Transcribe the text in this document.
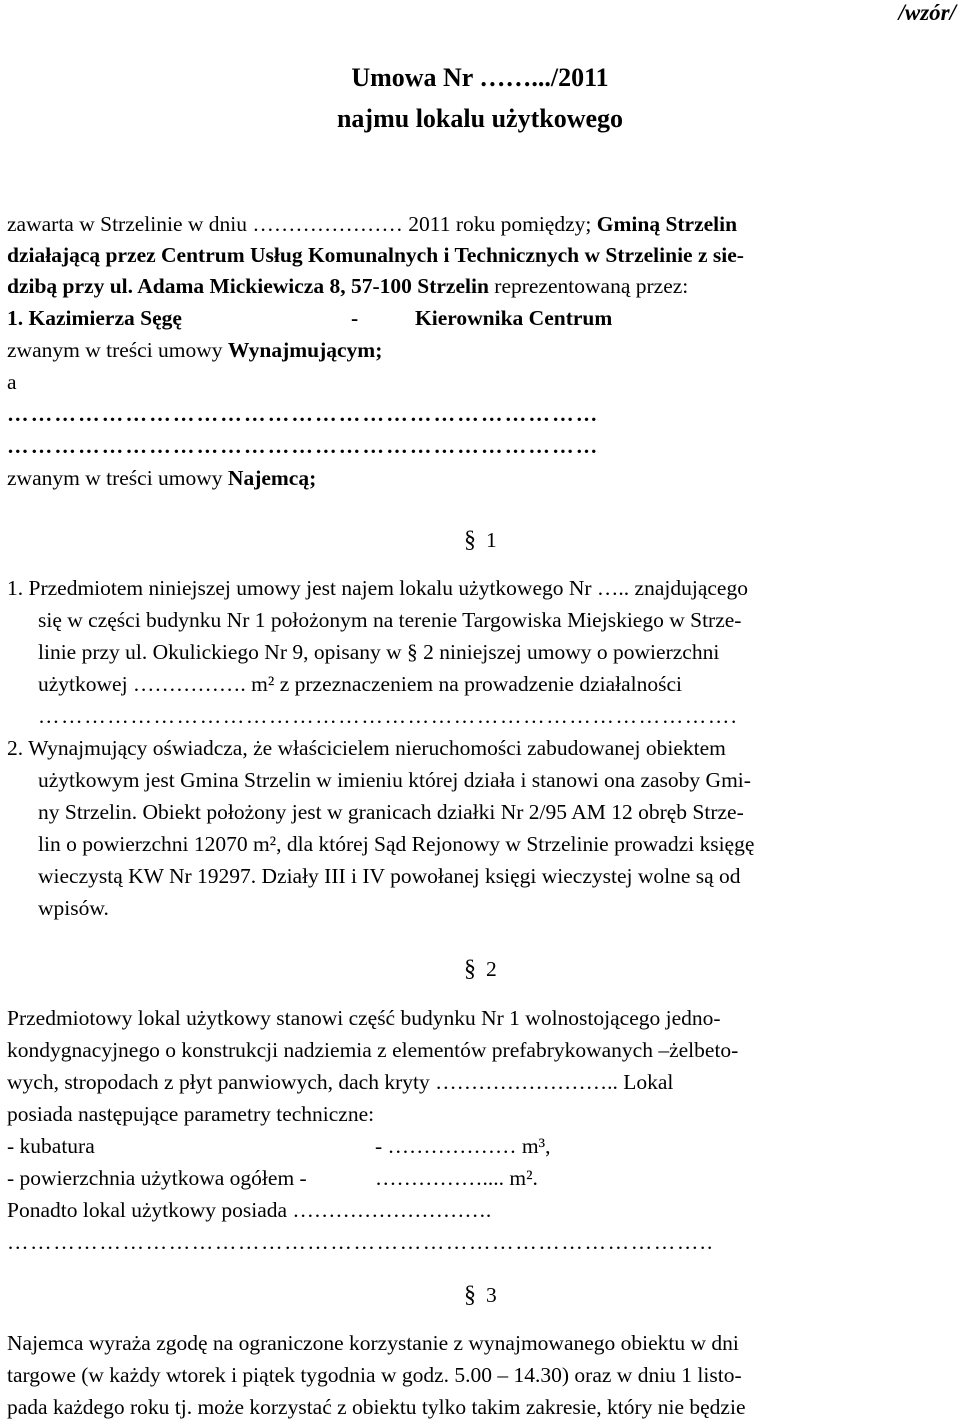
/wzór/
Umowa Nr …….../2011
najmu lokalu użytkowego
zawarta w Strzelinie w dniu ………………… 2011 roku pomiędzy; Gminą Strzelin
działającą przez Centrum Usług Komunalnych i Technicznych w Strzelinie z sie-
dzibą przy ul. Adama Mickiewicza 8, 57-100 Strzelin reprezentowaną przez:
1. Kazimierza Sęgę	-	Kierownika Centrum
zwanym w treści umowy Wynajmującym;
a
…………………………………………………………………
…………………………………………………………………
zwanym w treści umowy Najemcą;
§ 1
1. Przedmiotem niniejszej umowy jest najem lokalu użytkowego Nr ….. znajdującego
się w części budynku Nr 1 położonym na terenie Targowiska Miejskiego w Strze-
linie przy ul. Okulickiego Nr 9, opisany w § 2 niniejszej umowy o powierzchni
użytkowej ……………. m² z przeznaczeniem na prowadzenie działalności
……………………………………………………………………………….
2. Wynajmujący oświadcza, że właścicielem nieruchomości zabudowanej obiektem
użytkowym jest Gmina Strzelin w imieniu której działa i stanowi ona zasoby Gmi-
ny Strzelin. Obiekt położony jest w granicach działki Nr 2/95 AM 12 obręb Strze-
lin o powierzchni 12070 m², dla której Sąd Rejonowy w Strzelinie prowadzi księgę
wieczystą KW Nr 19297. Działy III i IV powołanej księgi wieczystej wolne są od
wpisów.
§ 2
Przedmiotowy lokal użytkowy stanowi część budynku Nr 1 wolnostojącego jedno-
kondygnacyjnego o konstrukcji nadziemia z elementów prefabrykowanych –żelbeto-
wych, stropodach z płyt panwiowych, dach kryty …………………….. Lokal
posiada następujące parametry techniczne:
- kubatura	- ……………… m³,
- powierzchnia użytkowa ogółem -	…………….... m².
Ponadto lokal użytkowy posiada ……………………….
………………………………………………………………………………..
§ 3
Najemca wyraża zgodę na ograniczone korzystanie z wynajmowanego obiektu w dni
targowe (w każdy wtorek i piątek tygodnia w godz. 5.00 – 14.30) oraz w dniu 1 listo-
pada każdego roku tj. może korzystać z obiektu tylko takim zakresie, który nie będzie
